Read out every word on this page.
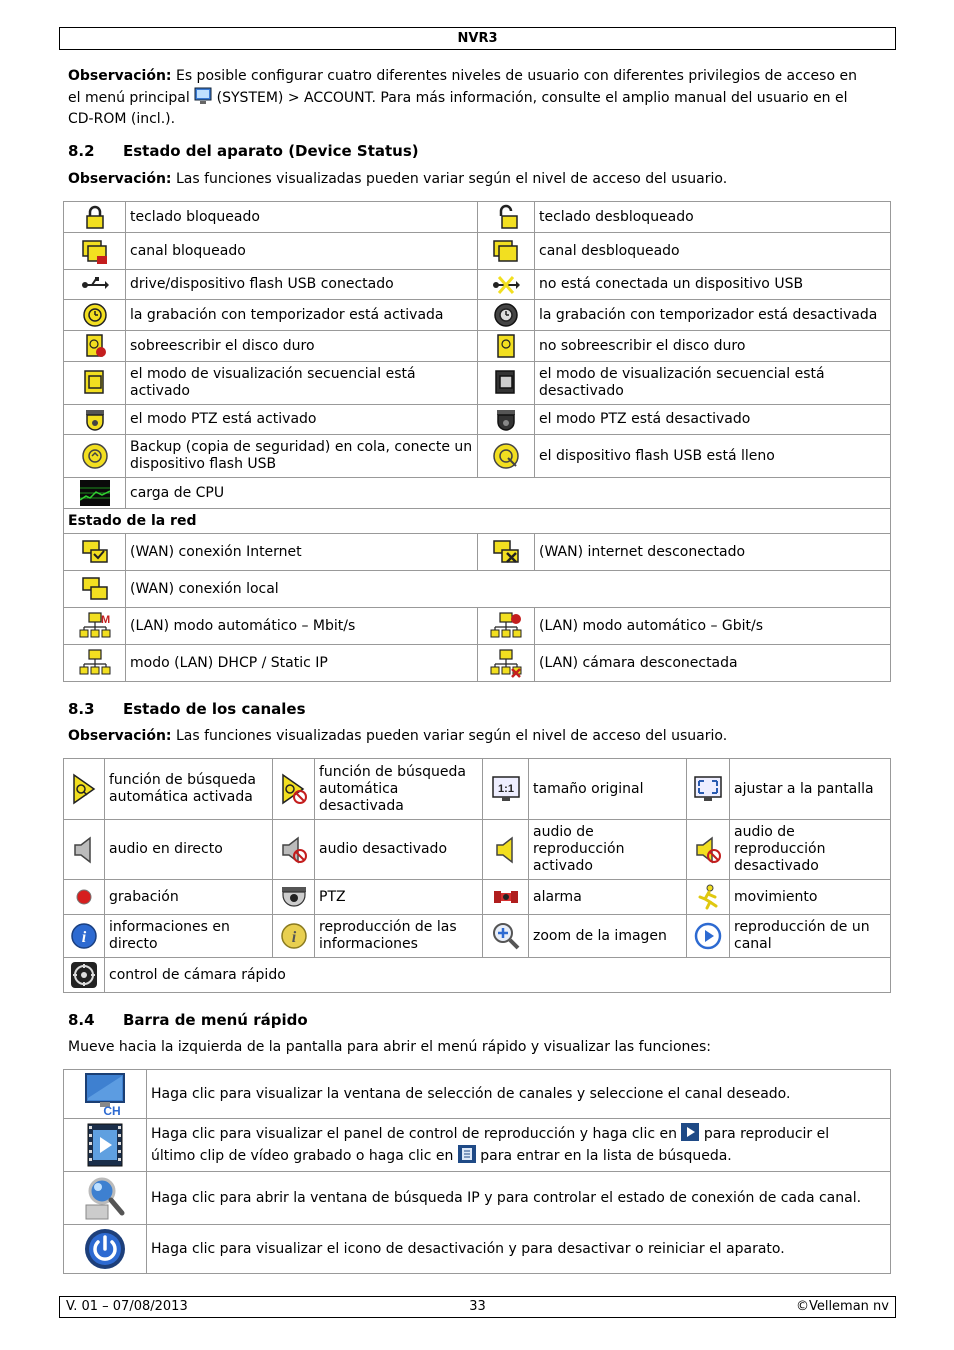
NVR3
Observación: Es posible configurar cuatro diferentes niveles de usuario con diferentes privilegios de acceso en
el menú principal (SYSTEM) > ACCOUNT. Para más información, consulte el amplio manual del usuario en el
CD-ROM (incl.).
8.2 Estado del aparato (Device Status)
Observación: Las funciones visualizadas pueden variar según el nivel de acceso del usuario.
	teclado bloqueado		teclado desbloqueado
	canal bloqueado		canal desbloqueado
	drive/dispositivo flash USB conectado		no está conectada un dispositivo USB
	la grabación con temporizador está activada		la grabación con temporizador está desactivada
	sobreescribir el disco duro		no sobreescribir el disco duro
	el modo de visualización secuencial está activado		el modo de visualización secuencial está desactivado
	el modo PTZ está activado		el modo PTZ está desactivado
	Backup (copia de seguridad) en cola, conecte un dispositivo flash USB		el dispositivo flash USB está lleno
	carga de CPU		
Estado de la red			
	(WAN) conexión Internet		(WAN) internet desconectado
	(WAN) conexión local		

M	(LAN) modo automático – Mbit/s		(LAN) modo automático – Gbit/s
	modo (LAN) DHCP / Static IP		(LAN) cámara desconectada
8.3 Estado de los canales
Observación: Las funciones visualizadas pueden variar según el nivel de acceso del usuario.
	función de búsqueda automática activada		función de búsqueda automática desactivada	1:1	tamaño original		ajustar a la pantalla
	audio en directo		audio desactivado		audio de reproducción activado		audio de reproducción desactivado
	grabación		PTZ		alarma		movimiento

i	informaciones en directo	i	reproducción de las informaciones		zoom de la imagen		reproducción de un canal
	control de cámara rápido						
8.4 Barra de menú rápido
Mueve hacia la izquierda de la pantalla para abrir el menú rápido y visualizar las funciones:
CH	Haga clic para visualizar la ventana de selección de canales y seleccione el canal deseado.
	Haga clic para visualizar el panel de control de reproducción y haga clic en para reproducir el
último clip de vídeo grabado o haga clic en para entrar en la lista de búsqueda.
	Haga clic para abrir la ventana de búsqueda IP y para controlar el estado de conexión de cada canal.
	Haga clic para visualizar el icono de desactivación y para desactivar o reiniciar el aparato.
V. 01 – 07/08/2013	33	©Velleman nv
